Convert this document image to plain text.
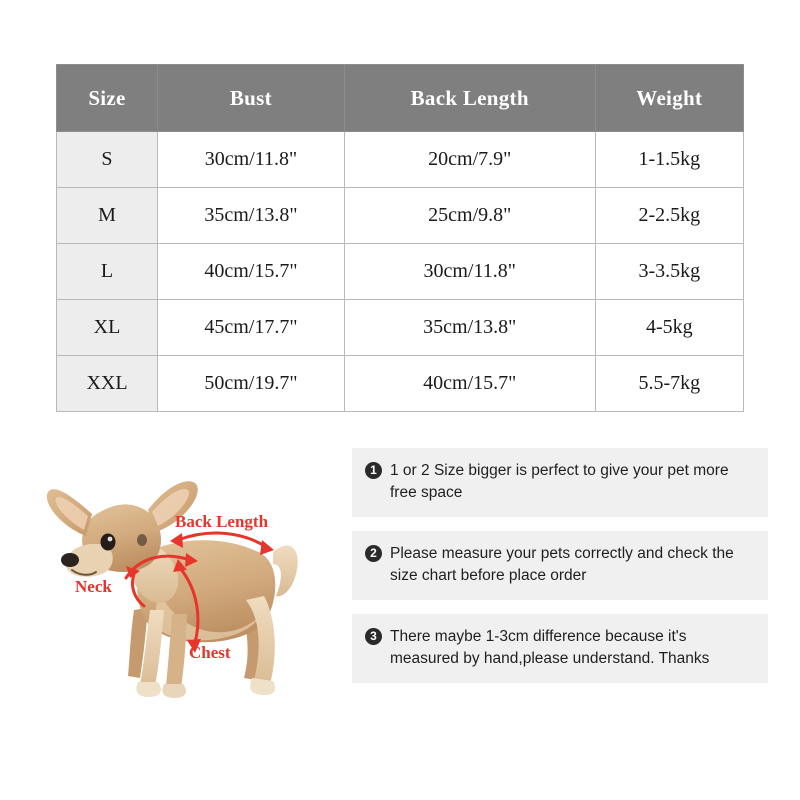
Size	Bust	Back Length	Weight
S	30cm/11.8"	20cm/7.9"	1-1.5kg
M	35cm/13.8"	25cm/9.8"	2-2.5kg
L	40cm/15.7"	30cm/11.8"	3-3.5kg
XL	45cm/17.7"	35cm/13.8"	4-5kg
XXL	50cm/19.7"	40cm/15.7"	5.5-7kg
Back Length
Neck
Chest
1 1 or 2 Size bigger is perfect to give your pet more free space
2 Please measure your pets correctly and check the size chart before place order
3 There maybe 1-3cm difference because it's measured by hand,please understand. Thanks
